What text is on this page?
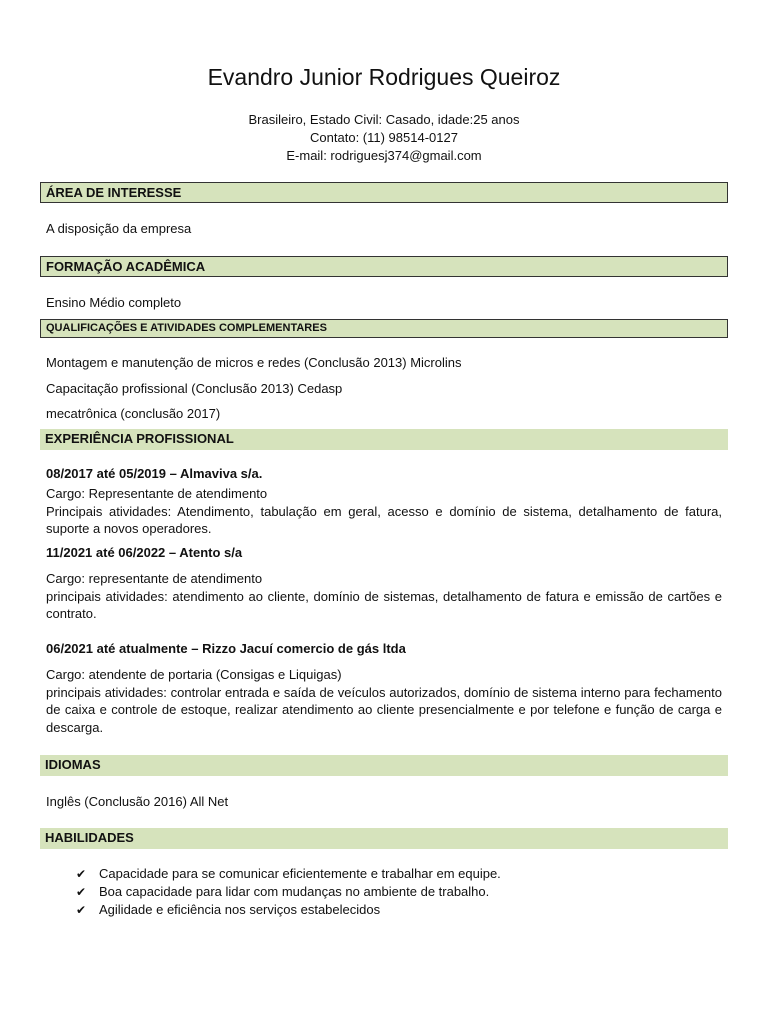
Evandro Junior Rodrigues Queiroz
Brasileiro, Estado Civil: Casado, idade:25 anos
Contato: (11) 98514-0127
E-mail: rodriguesj374@gmail.com
ÁREA DE INTERESSE
A disposição da empresa
FORMAÇÃO ACADÊMICA
Ensino Médio completo
QUALIFICAÇÕES E ATIVIDADES COMPLEMENTARES
Montagem e manutenção de micros e redes (Conclusão 2013) Microlins
Capacitação profissional (Conclusão 2013) Cedasp
mecatrônica (conclusão 2017)
EXPERIÊNCIA PROFISSIONAL
08/2017 até 05/2019 – Almaviva s/a.
Cargo: Representante de atendimento
Principais atividades: Atendimento, tabulação em geral, acesso e domínio de sistema, detalhamento de fatura, suporte a novos operadores.
11/2021 até 06/2022 – Atento s/a
Cargo: representante de atendimento
principais atividades: atendimento ao cliente, domínio de sistemas, detalhamento de fatura e emissão de cartões e contrato.
06/2021 até atualmente – Rizzo Jacuí comercio de gás ltda
Cargo: atendente de portaria (Consigas e Liquigas)
principais atividades: controlar entrada e saída de veículos autorizados, domínio de sistema interno para fechamento de caixa e controle de estoque, realizar atendimento ao cliente presencialmente e por telefone e função de carga e descarga.
IDIOMAS
Inglês (Conclusão 2016) All Net
HABILIDADES
✔ Capacidade para se comunicar eficientemente e trabalhar em equipe.
✔ Boa capacidade para lidar com mudanças no ambiente de trabalho.
✔ Agilidade e eficiência nos serviços estabelecidos
